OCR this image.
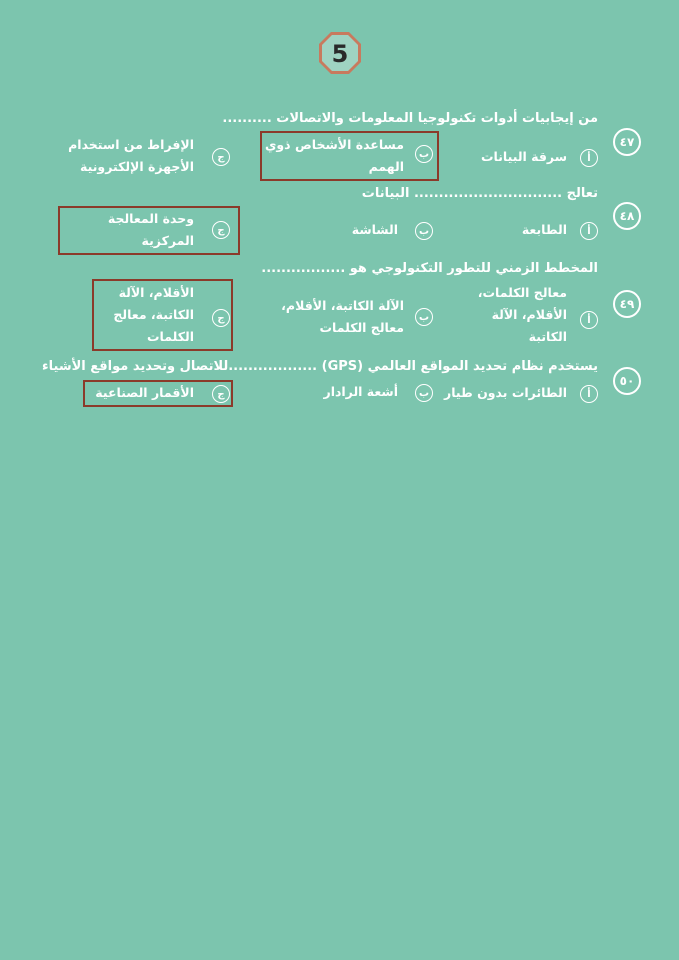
5
٤٧
من إيجابيات أدوات تكنولوجيا المعلومات والاتصالات ..........
أ
سرقة البيانات
ب
مساعدة الأشخاص ذوي الهمم
ج
الإفراط من استخدام الأجهزة الإلكترونية
٤٨
تعالج .............................. البيانات
أ
الطابعة
ب
الشاشة
ج
وحدة المعالجة المركزية
٤٩
المخطط الزمني للتطور التكنولوجي هو .................
أ
معالج الكلمات، الأقلام، الآلة الكاتبة
ب
الآلة الكاتبة، الأقلام، معالج الكلمات
ج
الأقلام، الآلة الكاتبة، معالج الكلمات
٥٠
يستخدم نظام تحديد المواقع العالمي (GPS) ..................للاتصال وتحديد مواقع الأشياء
أ
الطائرات بدون طيار
ب
أشعة الرادار
ج
الأقمار الصناعية
